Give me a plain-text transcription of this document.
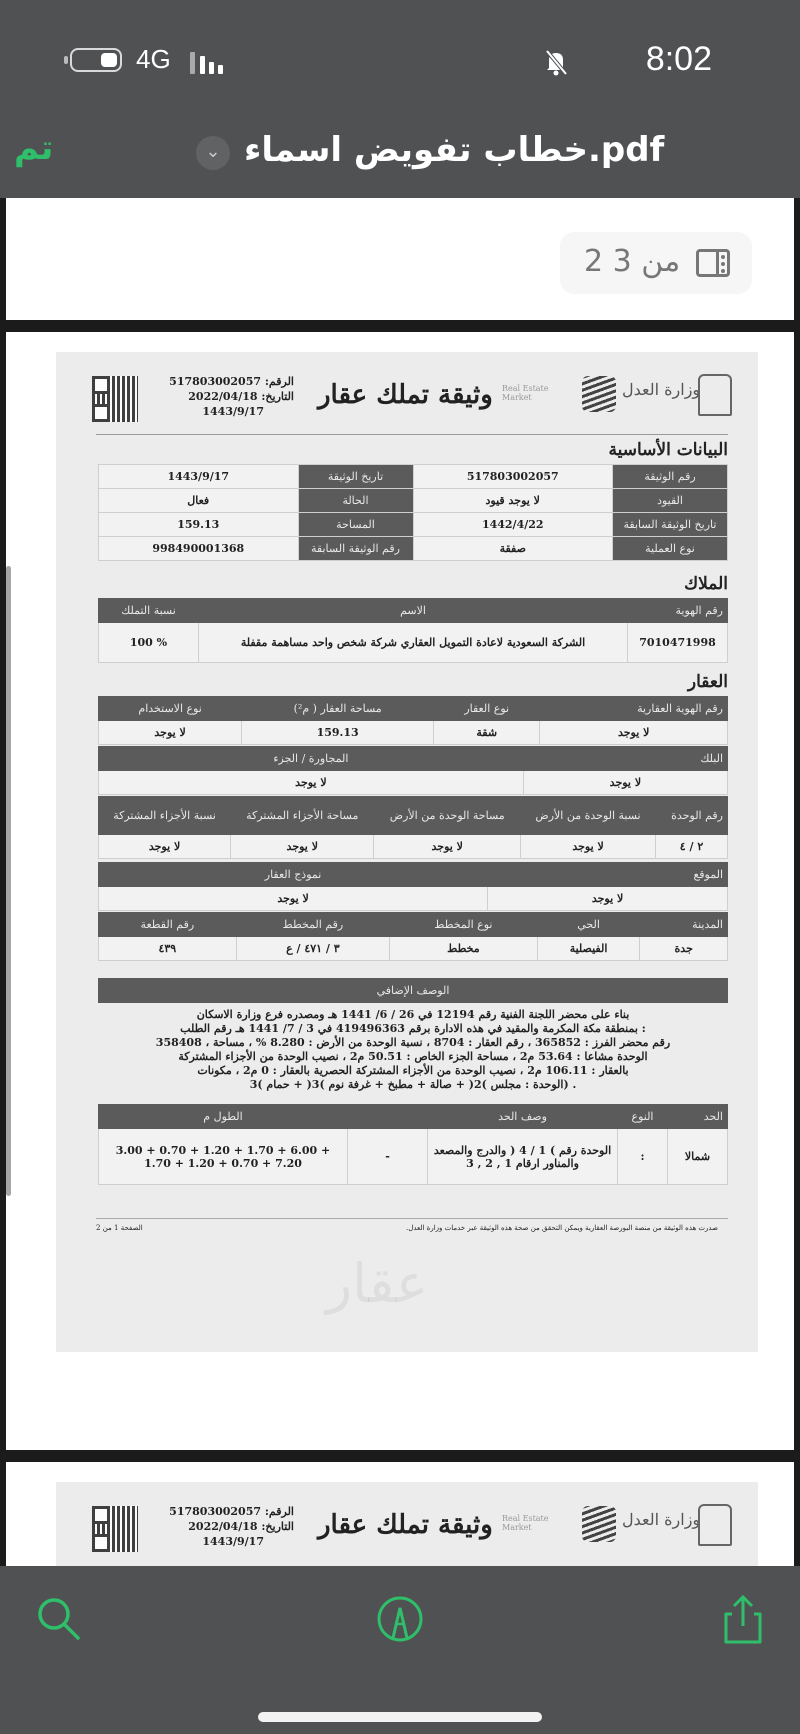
4G	8:02
تم	⌄ خطاب تفويض اسماء.pdf
2 من 3
الرقم: 517803002057
التاريخ: 2022/04/18
1443/9/17
وثيقة تملك عقار Real Estate Market	وزارة العدل
البيانات الأساسية
رقم الوثيقة	517803002057	تاريخ الوثيقة	1443/9/17
القيود	لا يوجد قيود	الحالة	فعال
تاريخ الوثيقة السابقة	1442/4/22	المساحة	159.13
نوع العملية	صفقة	رقم الوثيقة السابقة	998490001368
الملاك
رقم الهوية	الاسم	نسبة التملك
7010471998	الشركة السعودية لاعادة التمويل العقاري شركة شخص واحد مساهمة مقفلة	% 100
العقار
رقم الهوية العقارية	نوع العقار	مساحة العقار ( م²)	نوع الاستخدام
لا يوجد	شقة	159.13	لا يوجد
البلك	المجاورة / الجزء
لا يوجد	لا يوجد
رقم الوحدة	نسبة الوحدة من الأرض	مساحة الوحدة من الأرض	مساحة الأجزاء المشتركة	نسبة الأجزاء المشتركة
٢ / ٤	لا يوجد	لا يوجد	لا يوجد	لا يوجد
الموقع	نموذج العقار
لا يوجد	لا يوجد
المدينة	الحي	نوع المخطط	رقم المخطط	رقم القطعة
جدة	الفيصلية	مخطط	٣ / ٤٧١ / ع	٤٣٩
الوصف الإضافي
بناء على محضر اللجنة الفنية رقم 12194 في 26 / 6/ 1441 هـ ومصدره فرع وزارة الاسكان
: بمنطقة مكة المكرمة والمقيد في هذه الادارة برقم 419496363 في 3 / 7/ 1441 هـ رقم الطلب
رقم محضر الفرز : 365852 ، رقم العقار : 8704 ، نسبة الوحدة من الأرض : 8.280 % ، مساحة ، 358408
الوحدة مشاعا : 53.64 م2 ، مساحة الجزء الخاص : 50.51 م2 ، نصيب الوحدة من الأجزاء المشتركة
بالعقار : 106.11 م2 ، نصيب الوحدة من الأجزاء المشتركة الحصرية بالعقار : 0 م2 ، مكونات
. (الوحدة : مجلس )2( + صالة + مطبخ + غرفة نوم )3( + حمام )3
الحد	النوع	وصف الحد		الطول م
شمالا	:	الوحدة رقم ) 1 / 4 ( والدرج والمصعد والمناور ارقام 1 , 2 , 3	-	3.00 + 0.70 + 1.20 + 1.70 + 6.00 + 1.70 + 1.20 + 0.70 + 7.20
عقار
صدرت هذه الوثيقة من منصة البورصة العقارية ويمكن التحقق من صحة هذه الوثيقة عبر خدمات وزارة العدل.
الصفحة 1 من 2
الرقم: 517803002057
التاريخ: 2022/04/18
1443/9/17
وثيقة تملك عقار Real Estate Market	وزارة العدل
